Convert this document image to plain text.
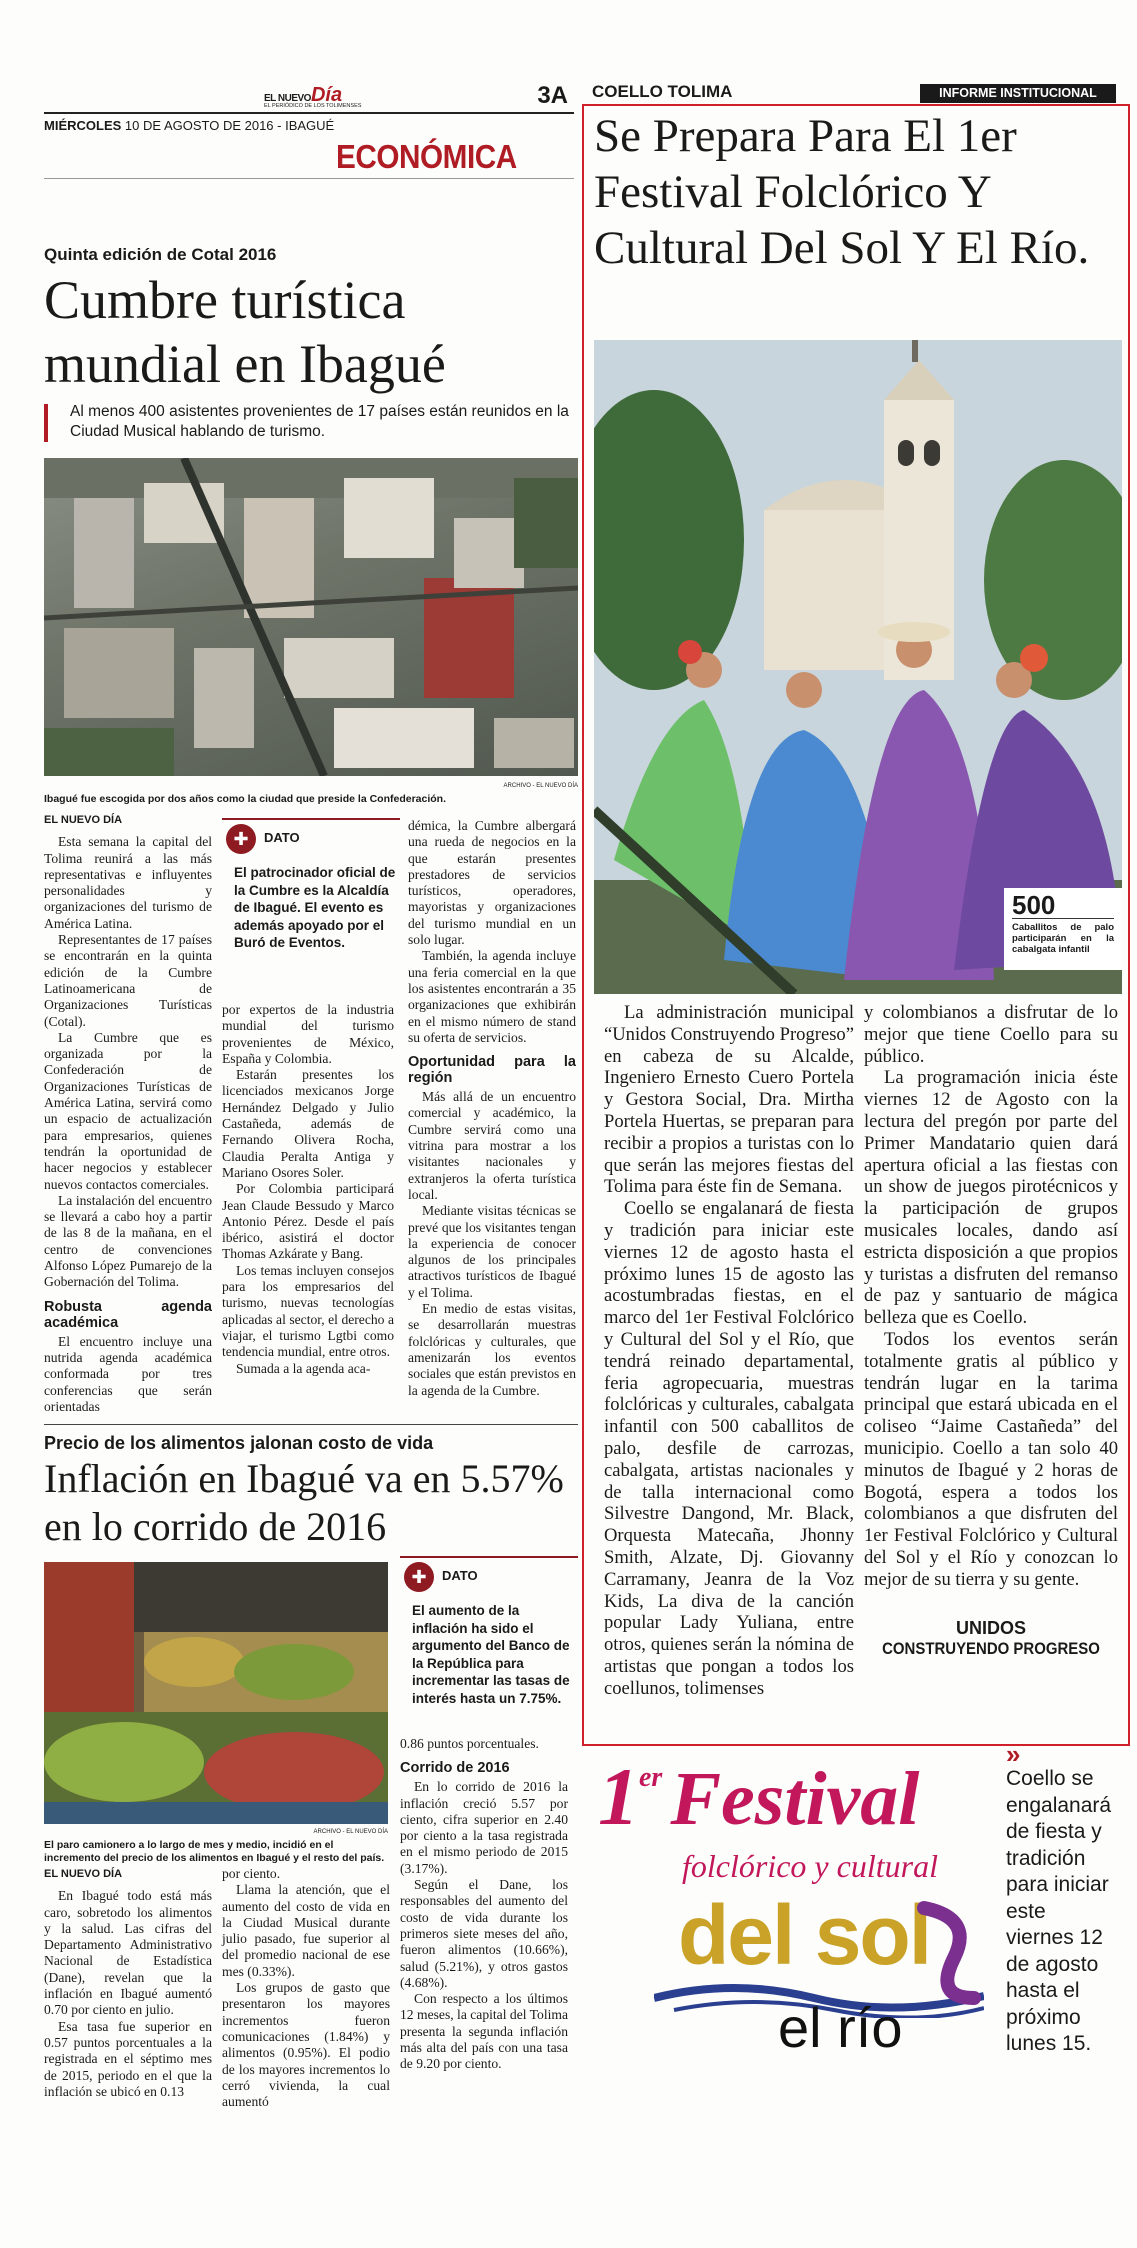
EL NUEVODía
EL PERIÓDICO DE LOS TOLIMENSES	3A
MIÉRCOLES 10 DE AGOSTO DE 2016 - IBAGUÉ
ECONÓMICA
Quinta edición de Cotal 2016
Cumbre turística mundial en Ibagué
Al menos 400 asistentes provenientes de 17 países están reunidos en la Ciudad Musical hablando de turismo.
ARCHIVO - EL NUEVO DÍA
Ibagué fue escogida por dos años como la ciudad que preside la Confederación.
EL NUEVO DÍA

Esta semana la capital del Tolima reunirá a las más representativas e influyentes personalidades y organizaciones del turismo de América Latina.

Representantes de 17 países se encontrarán en la quinta edición de la Cumbre Latinoamericana de Organizaciones Turísticas (Cotal).

La Cumbre que es organizada por la Confederación de Organizaciones Turísticas de América Latina, servirá como un espacio de actualización para empresarios, quienes tendrán la oportunidad de hacer negocios y establecer nuevos contactos comerciales.

La instalación del encuentro se llevará a cabo hoy a partir de las 8 de la mañana, en el centro de convenciones Alfonso López Pumarejo de la Gobernación del Tolima.

Robusta agenda académica

El encuentro incluye una nutrida agenda académica conformada por tres conferencias que serán orientadas

✚	DATO
El patrocinador oficial de la Cumbre es la Alcaldía de Ibagué. El evento es además apoyado por el Buró de Eventos.

por expertos de la industria mundial del turismo provenientes de México, España y Colombia.

Estarán presentes los licenciados mexicanos Jorge Hernández Delgado y Julio Castañeda, además de Fernando Olivera Rocha, Claudia Peralta Antiga y Mariano Osores Soler.

Por Colombia participará Jean Claude Bessudo y Marco Antonio Pérez. Desde el país ibérico, asistirá el doctor Thomas Azkárate y Bang.

Los temas incluyen consejos para los empresarios del turismo, nuevas tecnologías aplicadas al sector, el derecho a viajar, el turismo Lgtbi como tendencia mundial, entre otros.

Sumada a la agenda aca-

démica, la Cumbre albergará una rueda de negocios en la que estarán presentes prestadores de servicios turísticos, operadores, mayoristas y organizaciones del turismo mundial en un solo lugar.

También, la agenda incluye una feria comercial en la que los asistentes encontrarán a 35 organizaciones que exhibirán en el mismo número de stand su oferta de servicios.

Oportunidad para la región

Más allá de un encuentro comercial y académico, la Cumbre servirá como una vitrina para mostrar a los visitantes nacionales y extranjeros la oferta turística local.

Mediante visitas técnicas se prevé que los visitantes tengan la experiencia de conocer algunos de los principales atractivos turísticos de Ibagué y el Tolima.

En medio de estas visitas, se desarrollarán muestras folclóricas y culturales, que amenizarán los eventos sociales que están previstos en la agenda de la Cumbre.

Precio de los alimentos jalonan costo de vida
Inflación en Ibagué va en 5.57% en lo corrido de 2016
ARCHIVO - EL NUEVO DÍA
El paro camionero a lo largo de mes y medio, incidió en el incremento del precio de los alimentos en Ibagué y el resto del país.
✚	DATO
El aumento de la inflación ha sido el argumento del Banco de la República para incrementar las tasas de interés hasta un 7.75%.
EL NUEVO DÍA

En Ibagué todo está más caro, sobretodo los alimentos y la salud. Las cifras del Departamento Administrativo Nacional de Estadística (Dane), revelan que la inflación en Ibagué aumentó 0.70 por ciento en julio.

Esa tasa fue superior en 0.57 puntos porcentuales a la registrada en el séptimo mes de 2015, periodo en el que la inflación se ubicó en 0.13

por ciento.

Llama la atención, que el aumento del costo de vida en la Ciudad Musical durante julio pasado, fue superior al del promedio nacional de ese mes (0.33%).

Los grupos de gasto que presentaron los mayores incrementos fueron comunicaciones (1.84%) y alimentos (0.95%). El podio de los mayores incrementos lo cerró vivienda, la cual aumentó

0.86 puntos porcentuales.

Corrido de 2016

En lo corrido de 2016 la inflación creció 5.57 por ciento, cifra superior en 2.40 por ciento a la tasa registrada en el mismo periodo de 2015 (3.17%).

Según el Dane, los responsables del aumento del costo de vida durante los primeros siete meses del año, fueron alimentos (10.66%), salud (5.21%), y otros gastos (4.68%).

Con respecto a los últimos 12 meses, la capital del Tolima presenta la segunda inflación más alta del país con una tasa de 9.20 por ciento.

COELLO TOLIMA	INFORME INSTITUCIONAL
Se Prepara Para El 1er Festival Folclórico Y Cultural Del Sol Y El Río.
500
Caballitos de palo participarán en la cabalgata infantil

La administración municipal “Unidos Construyendo Progreso” en cabeza de su Alcalde, Ingeniero Ernesto Cuero Portela y Gestora Social, Dra. Mirtha Portela Huertas, se preparan para recibir a propios a turistas con lo que serán las mejores fiestas del Tolima para éste fin de Semana.

Coello se engalanará de fiesta y tradición para iniciar este viernes 12 de agosto hasta el próximo lunes 15 de agosto las acostumbradas fiestas, en el marco del 1er Festival Folclórico y Cultural del Sol y el Río, que tendrá reinado departamental, feria agropecuaria, muestras folclóricas y culturales, cabalgata infantil con 500 caballitos de palo, desfile de carrozas, cabalgata, artistas nacionales y de talla internacional como Silvestre Dangond, Mr. Black, Orquesta Matecaña, Jhonny Smith, Alzate, Dj. Giovanny Carramany, Jeanra de la Voz Kids, La diva de la canción popular Lady Yuliana, entre otros, quienes serán la nómina de artistas que pongan a todos los coellunos, tolimenses

y colombianos a disfrutar de lo mejor que tiene Coello para su público.

La programación inicia éste viernes 12 de Agosto con la lectura del pregón por parte del Primer Mandatario quien dará apertura oficial a las fiestas con un show de juegos pirotécnicos y la participación de grupos musicales locales, dando así estricta disposición a que propios y turistas a disfruten del remanso de paz y santuario de mágica belleza que es Coello.

Todos los eventos serán totalmente gratis al público y tendrán lugar en la tarima principal que estará ubicada en el coliseo “Jaime Castañeda” del municipio. Coello a tan solo 40 minutos de Ibagué y 2 horas de Bogotá, espera a todos los colombianos a que disfruten del 1er Festival Folclórico y Cultural del Sol y el Río y conozcan lo mejor de su tierra y su gente.

UNIDOS
CONSTRUYENDO PROGRESO
1er Festival
folclórico y cultural
del sol
el río
»
Coello se engalanará de fiesta y tradición para iniciar este viernes 12 de agosto hasta el próximo lunes 15.
